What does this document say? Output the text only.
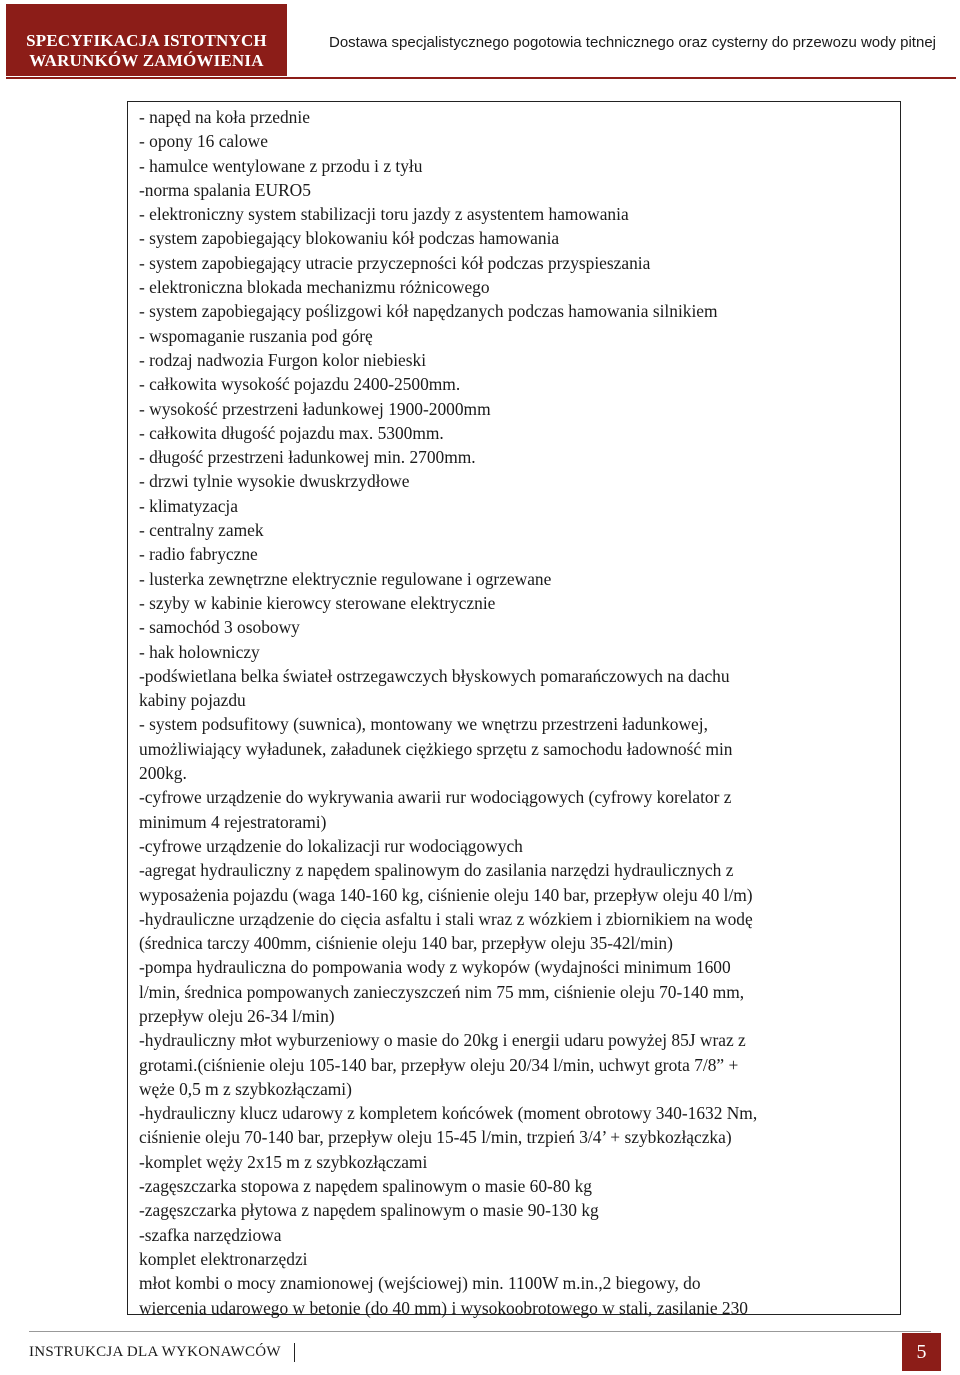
SPECYFIKACJA ISTOTNYCH
WARUNKÓW ZAMÓWIENIA
Dostawa specjalistycznego pogotowia technicznego oraz cysterny do przewozu wody pitnej
- napęd na koła przednie
- opony 16 calowe
- hamulce wentylowane z przodu i z tyłu
-norma spalania EURO5
- elektroniczny system stabilizacji toru jazdy z asystentem hamowania
- system zapobiegający blokowaniu kół podczas hamowania
- system zapobiegający utracie przyczepności kół podczas przyspieszania
- elektroniczna blokada mechanizmu różnicowego
- system zapobiegający poślizgowi kół napędzanych podczas hamowania silnikiem
- wspomaganie ruszania pod górę
- rodzaj nadwozia Furgon kolor niebieski
- całkowita wysokość pojazdu 2400-2500mm.
- wysokość przestrzeni ładunkowej 1900-2000mm
- całkowita długość pojazdu max. 5300mm.
- długość przestrzeni ładunkowej min. 2700mm.
- drzwi tylnie wysokie dwuskrzydłowe
- klimatyzacja
- centralny zamek
- radio fabryczne
- lusterka zewnętrzne elektrycznie regulowane i ogrzewane
- szyby w kabinie kierowcy sterowane elektrycznie
- samochód 3 osobowy
- hak holowniczy
-podświetlana belka świateł ostrzegawczych błyskowych pomarańczowych na dachu
kabiny pojazdu
- system podsufitowy (suwnica), montowany we wnętrzu przestrzeni ładunkowej,
umożliwiający wyładunek, załadunek ciężkiego sprzętu z samochodu ładowność min
200kg.
-cyfrowe urządzenie do wykrywania awarii rur wodociągowych (cyfrowy korelator z
minimum 4 rejestratorami)
-cyfrowe urządzenie do lokalizacji rur wodociągowych
-agregat hydrauliczny z napędem spalinowym do zasilania narzędzi hydraulicznych z
wyposażenia pojazdu (waga 140-160 kg, ciśnienie oleju 140 bar, przepływ oleju 40 l/m)
-hydrauliczne urządzenie do cięcia asfaltu i stali wraz z wózkiem i zbiornikiem na wodę
(średnica tarczy 400mm, ciśnienie oleju 140 bar, przepływ oleju 35-42l/min)
-pompa hydrauliczna do pompowania wody z wykopów (wydajności minimum 1600
l/min, średnica pompowanych zanieczyszczeń nim 75 mm, ciśnienie oleju 70-140 mm,
przepływ oleju 26-34 l/min)
-hydrauliczny młot wyburzeniowy o masie do 20kg i energii udaru powyżej 85J wraz z
grotami.(ciśnienie oleju 105-140 bar, przepływ oleju 20/34 l/min, uchwyt grota 7/8” +
węże 0,5 m z szybkozłączami)
-hydrauliczny klucz udarowy z kompletem końcówek (moment obrotowy 340-1632 Nm,
ciśnienie oleju 70-140 bar, przepływ oleju 15-45 l/min, trzpień 3/4’ + szybkozłączka)
-komplet węży 2x15 m z szybkozłączami
-zagęszczarka stopowa z napędem spalinowym o masie 60-80 kg
-zagęszczarka płytowa z napędem spalinowym o masie 90-130 kg
-szafka narzędziowa
komplet elektronarzędzi
młot kombi o mocy znamionowej (wejściowej) min. 1100W m.in.,2 biegowy, do
wiercenia udarowego w betonie (do 40 mm) i wysokoobrotowego w stali, zasilanie 230
INSTRUKCJA DLA WYKONAWCÓW	5
